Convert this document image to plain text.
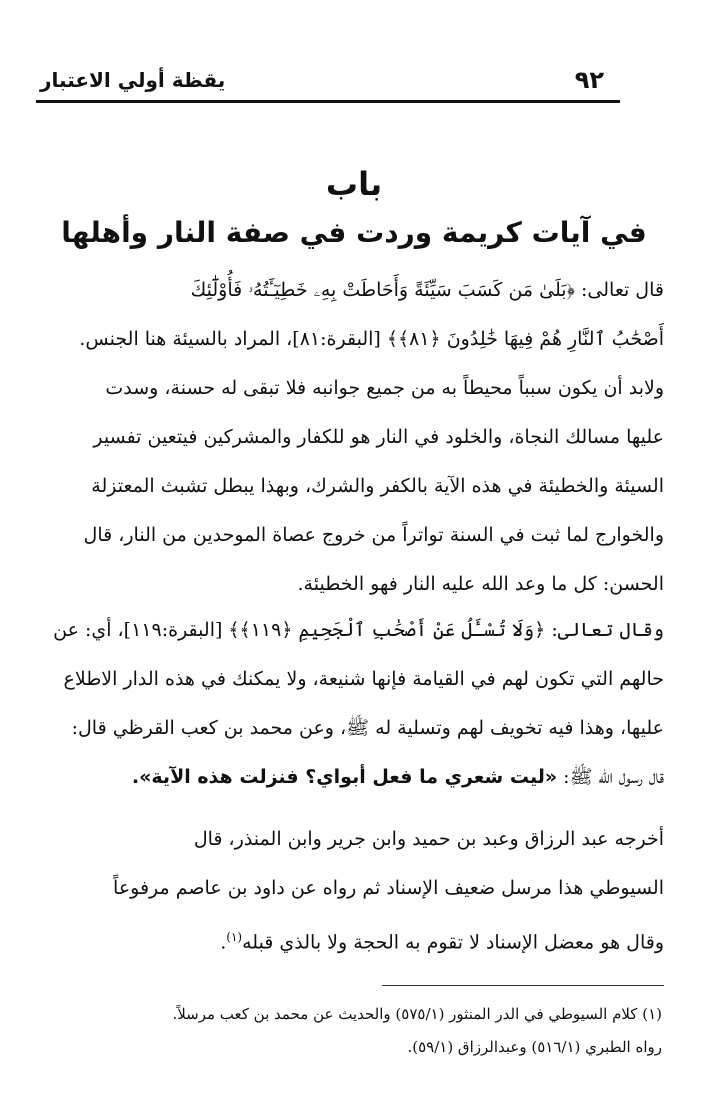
٩٢
يقظة أولي الاعتبار
باب
في آيات كريمة وردت في صفة النار وأهلها
قال تعالى: ﴿بَلَىٰ مَن كَسَبَ سَيِّئَةً وَأَحَاطَتْ بِهِۦ خَطِيٓـَٔتُهُۥ فَأُوْلَٰٓئِكَ
أَصْحَٰبُ ٱلنَّارِ هُمْ فِيهَا خَٰلِدُونَ ﴿٨١﴾﴾ [البقرة:٨١]، المراد بالسيئة هنا الجنس.
ولابد أن يكون سبباً محيطاً به من جميع جوانبه فلا تبقى له حسنة، وسدت
عليها مسالك النجاة، والخلود في النار هو للكفار والمشركين فيتعين تفسير
السيئة والخطيئة في هذه الآية بالكفر والشرك، وبهذا يبطل تشبث المعتزلة
والخوارج لما ثبت في السنة تواتراً من خروج عصاة الموحدين من النار، قال
الحسن: كل ما وعد الله عليه النار فهو الخطيئة.
وقال تعالى: ﴿وَلَا تُسْـَٔلُ عَنْ أَصْحَٰبِ ٱلْجَحِيمِ ﴿١١٩﴾﴾ [البقرة:١١٩]، أي: عن
حالهم التي تكون لهم في القيامة فإنها شنيعة، ولا يمكنك في هذه الدار الاطلاع
عليها، وهذا فيه تخويف لهم وتسلية له ﷺ، وعن محمد بن كعب القرظي قال:
قال رسول الله ﷺ: «ليت شعري ما فعل أبواي؟ فنزلت هذه الآية».
أخرجه عبد الرزاق وعبد بن حميد وابن جرير وابن المنذر، قال
السيوطي هذا مرسل ضعيف الإسناد ثم رواه عن داود بن عاصم مرفوعاً
وقال هو معضل الإسناد لا تقوم به الحجة ولا بالذي قبله$^{(١)}$.
(١) كلام السيوطي في الدر المنثور (٥٧٥/١) والحديث عن محمد بن كعب مرسلاً.
رواه الطبري (٥١٦/١) وعبدالرزاق (٥٩/١).
